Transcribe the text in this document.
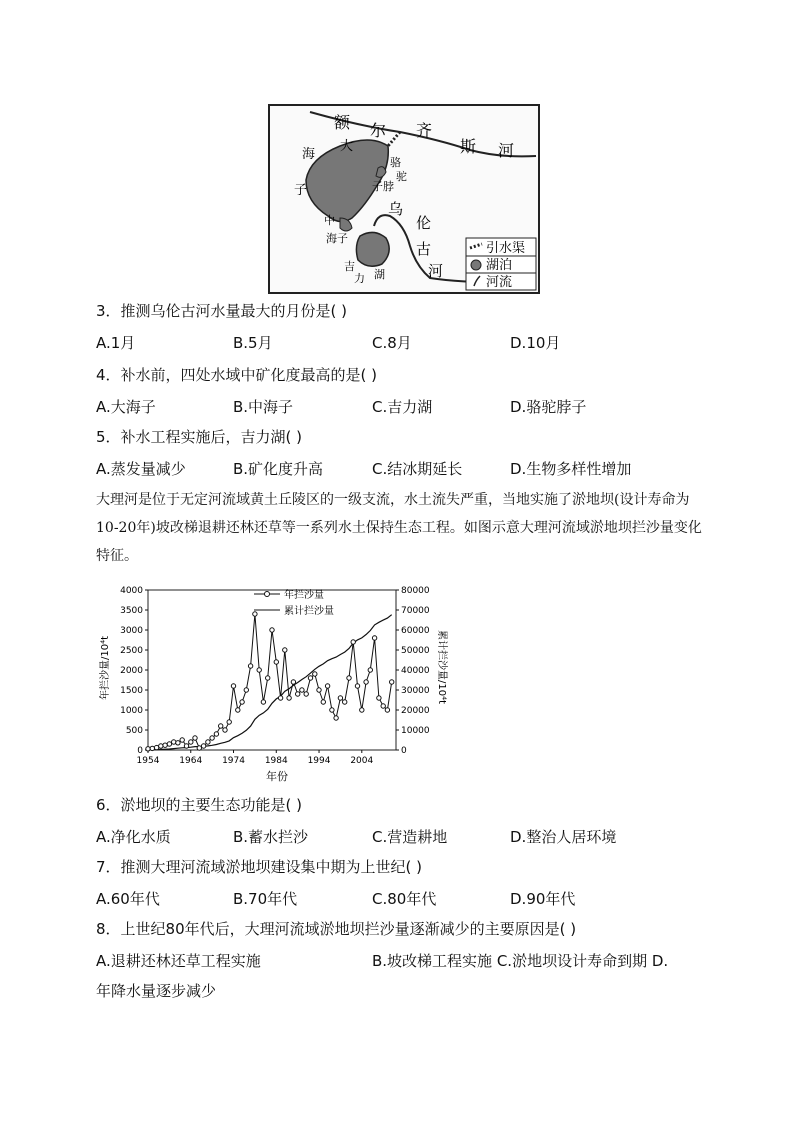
额 尔 齐
斯 河
海
大
子
骆
驼
子脖
中
海子
乌
伦
古
河
吉
力 湖
引水渠
湖泊
河流
3．推测乌伦古河水量最大的月份是( )
A.1月	B.5月	C.8月	D.10月
4．补水前，四处水域中矿化度最高的是( )
A.大海子	B.中海子	C.吉力湖	D.骆驼脖子
5．补水工程实施后，吉力湖( )
A.蒸发量减少	B.矿化度升高	C.结冰期延长	D.生物多样性增加
大理河是位于无定河流域黄土丘陵区的一级支流，水土流失严重，当地实施了淤地坝(设计寿命为10-20年)坡改梯退耕还林还草等一系列水土保持生态工程。如图示意大理河流域淤地坝拦沙量变化特征。
0
500
1000
1500
2000
2500
3000
3500
4000
0
10000
20000
30000
40000
50000
60000
70000
80000
1954 1964 1974 1984 1994 2004
年拦沙量
累计拦沙量
年拦沙量/10⁴t	累计拦沙量/10⁴t
年份
6．淤地坝的主要生态功能是( )
A.净化水质	B.蓄水拦沙	C.营造耕地	D.整治人居环境
7．推测大理河流域淤地坝建设集中期为上世纪( )
A.60年代	B.70年代	C.80年代	D.90年代
8．上世纪80年代后，大理河流域淤地坝拦沙量逐渐减少的主要原因是( )
A.退耕还林还草工程实施	B.坡改梯工程实施 C.淤地坝设计寿命到期 D.
年降水量逐步减少
